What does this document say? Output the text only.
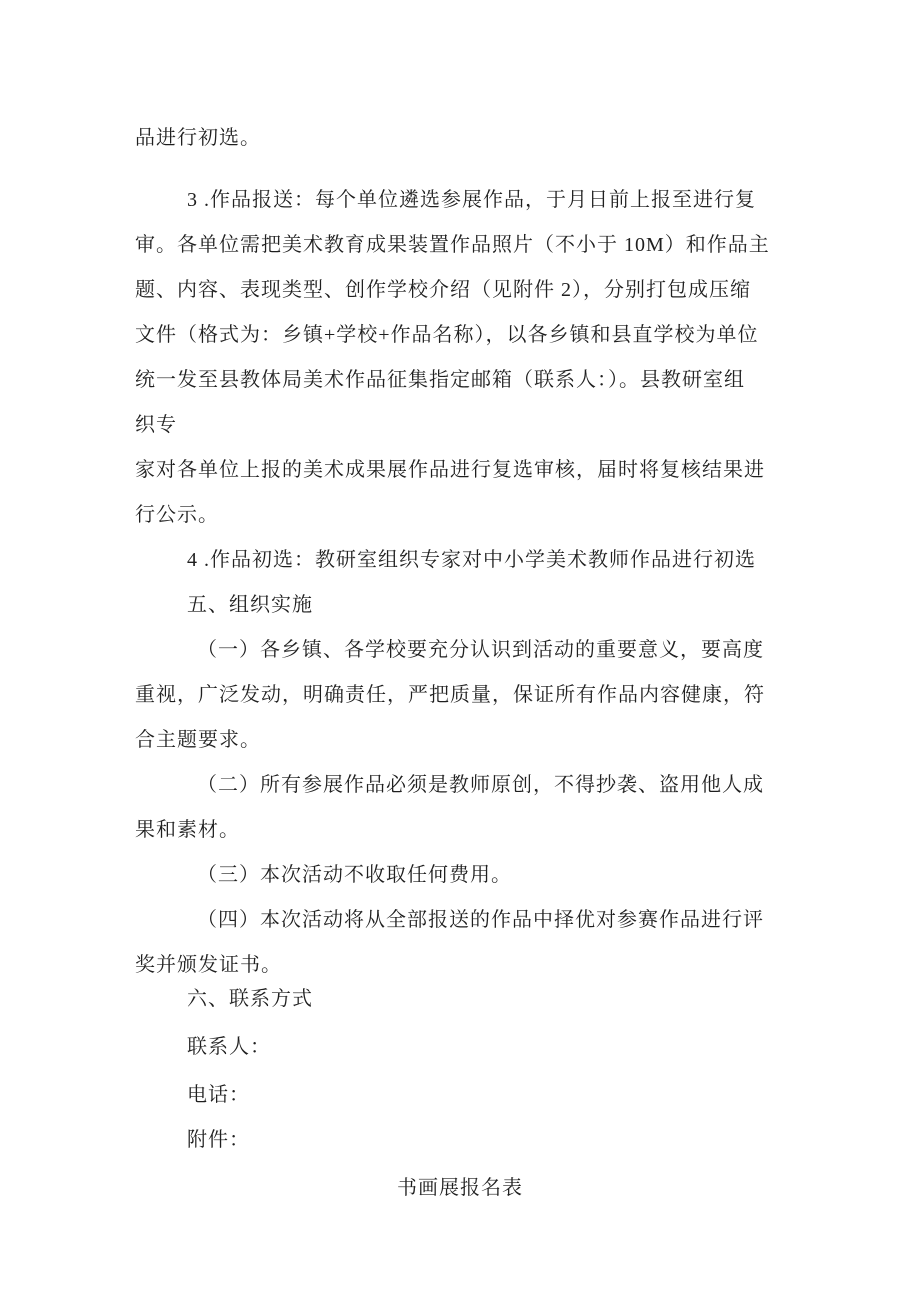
品进行初选。
3 .作品报送：每个单位遴选参展作品，于月日前上报至进行复
审。各单位需把美术教育成果装置作品照片（不小于 10M）和作品主
题、内容、表现类型、创作学校介绍（见附件 2），分别打包成压缩
文件（格式为：乡镇+学校+作品名称），以各乡镇和县直学校为单位
统一发至县教体局美术作品征集指定邮箱（联系人：）。县教研室组
织专
家对各单位上报的美术成果展作品进行复选审核，届时将复核结果进
行公示。
4 .作品初选：教研室组织专家对中小学美术教师作品进行初选
五、组织实施
（一）各乡镇、各学校要充分认识到活动的重要意义，要高度
重视，广泛发动，明确责任，严把质量，保证所有作品内容健康，符
合主题要求。
（二）所有参展作品必须是教师原创，不得抄袭、盗用他人成
果和素材。
（三）本次活动不收取任何费用。
（四）本次活动将从全部报送的作品中择优对参赛作品进行评
奖并颁发证书。
六、联系方式
联系人：
电话：
附件：
书画展报名表
